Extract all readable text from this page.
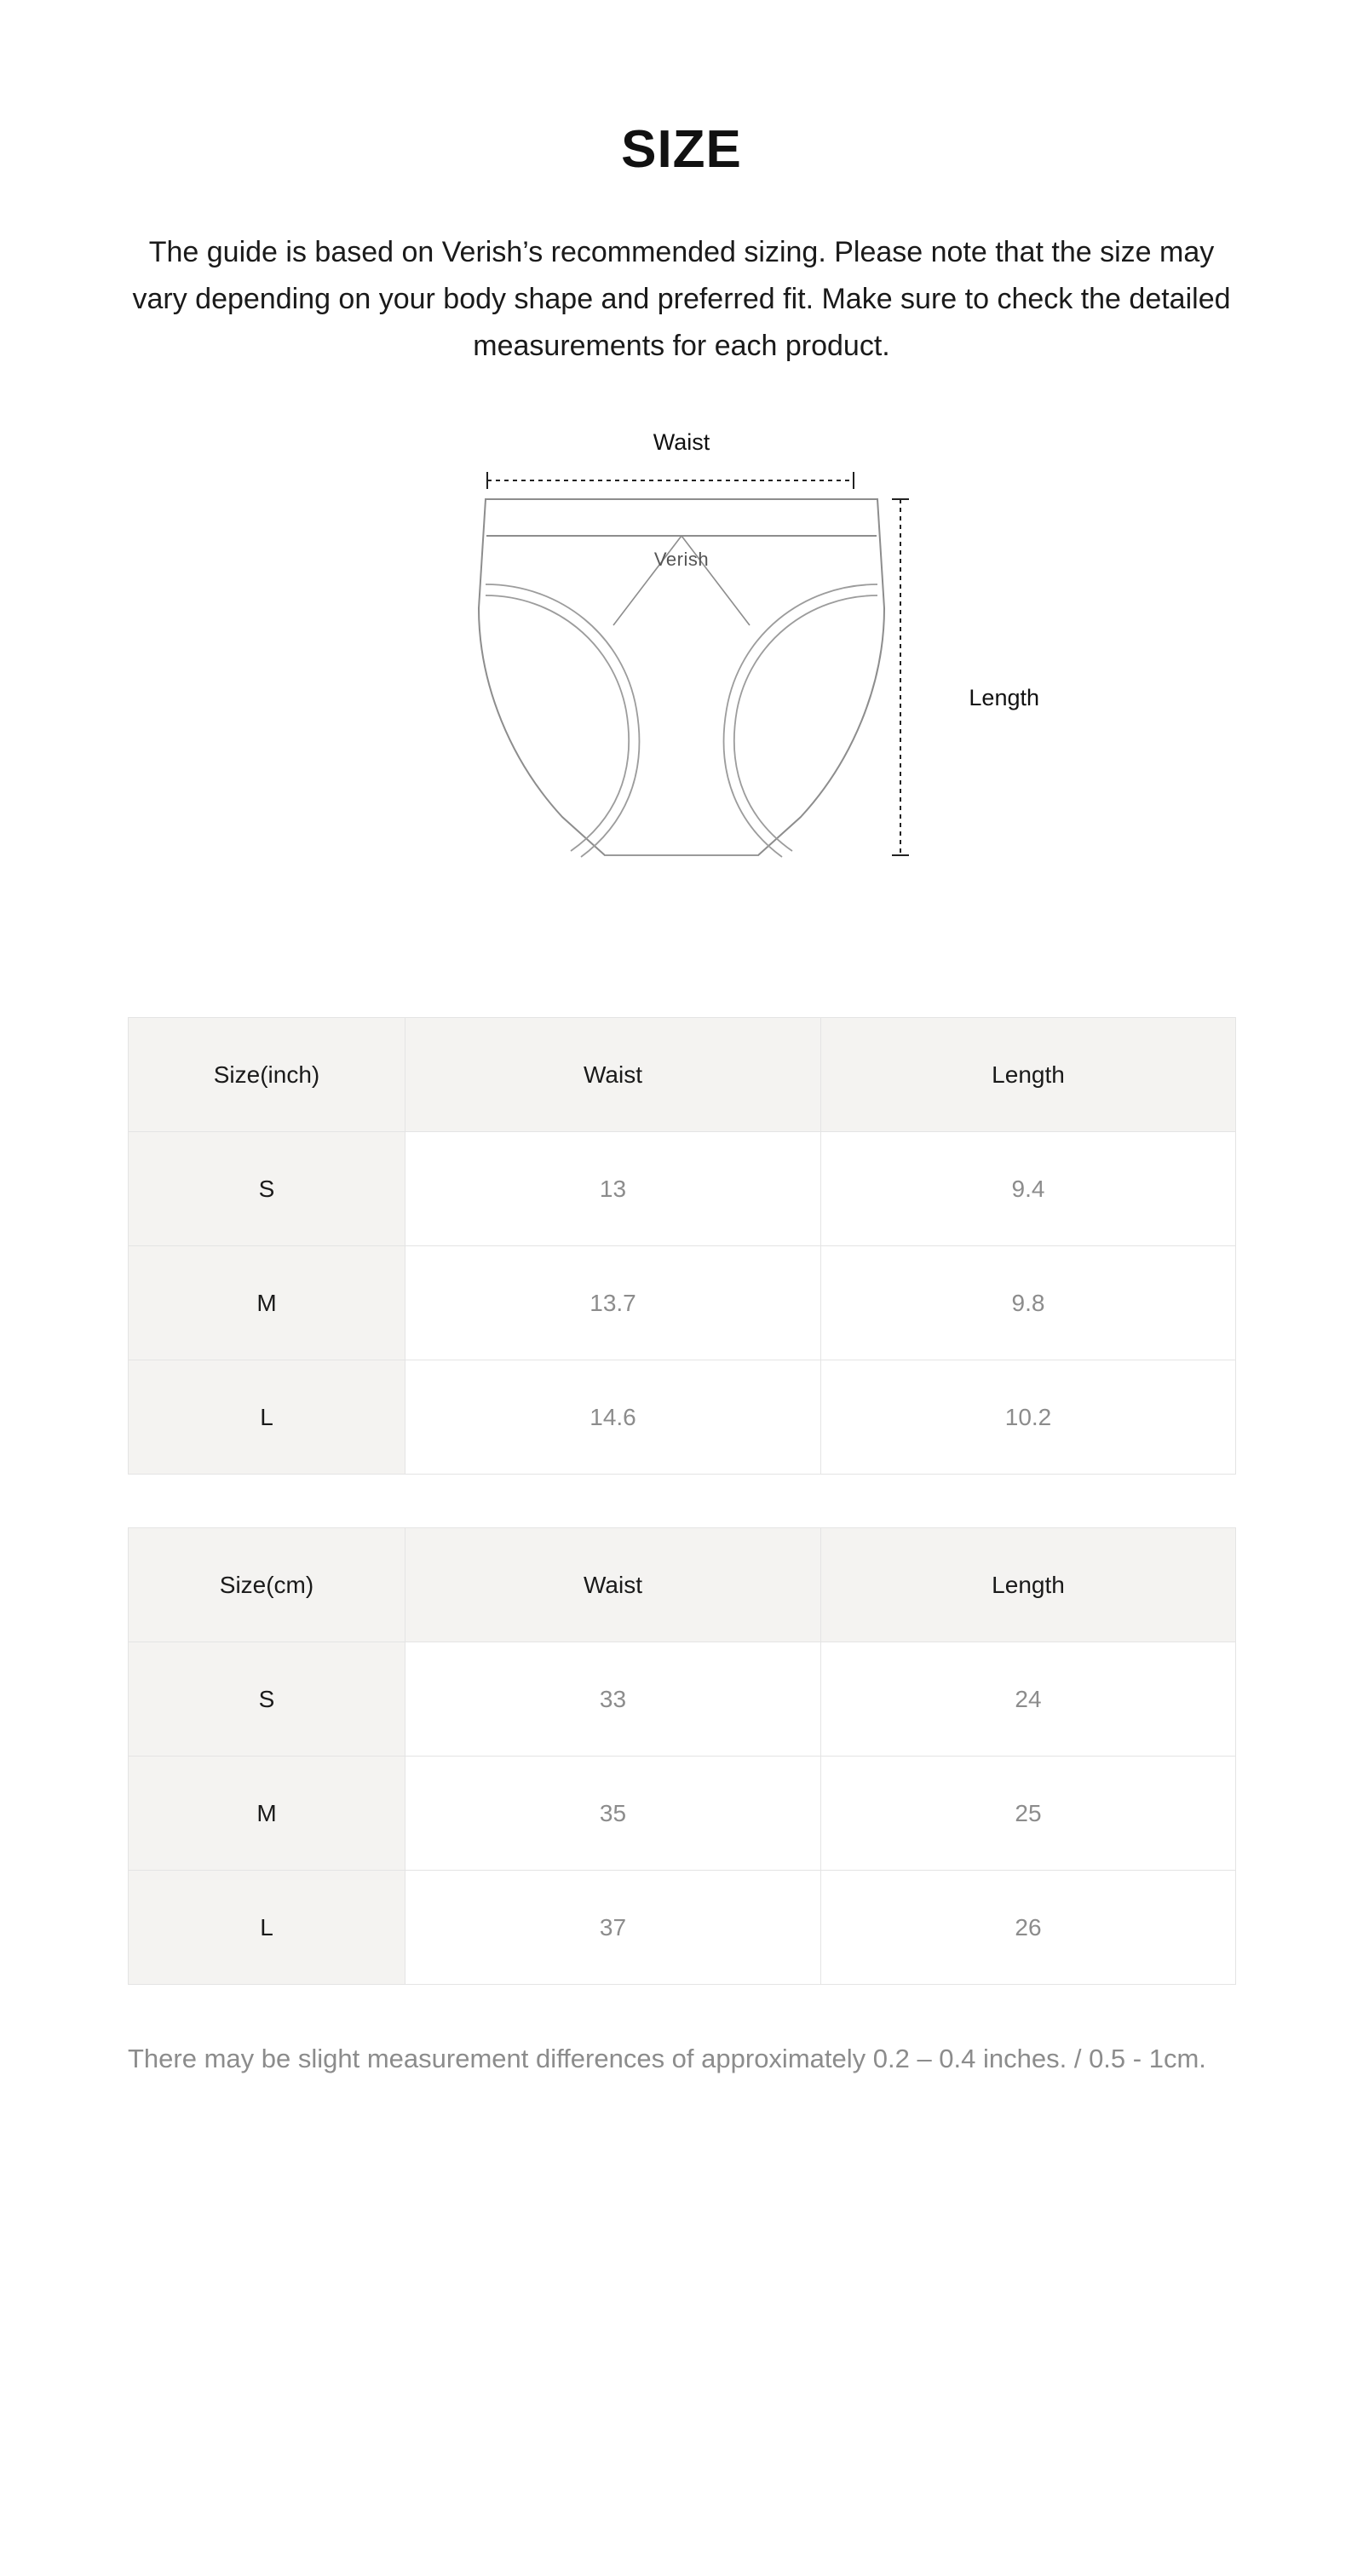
SIZE

The guide is based on Verish’s recommended sizing. Please note that the size may vary depending on your body shape and preferred fit. Make sure to check the detailed measurements for each product.

Waist
Length
Verish
Size(inch)	Waist	Length
S	13	9.4
M	13.7	9.8
L	14.6	10.2
Size(cm)	Waist	Length
S	33	24
M	35	25
L	37	26

There may be slight measurement differences of approximately 0.2 – 0.4 inches. / 0.5 - 1cm.
